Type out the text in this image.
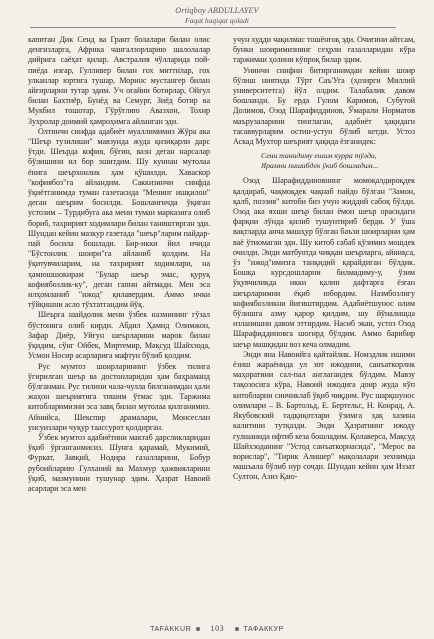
Ortiqboy ABDULLAYEV
Faqat haqiqat qoladi

капитан Дик Сенд ва Грант болалари билан олис денгизларга, Африка чангалзорларию шалолалар дийрига саёҳат қилар. Австралия чўлларида пой-пиёда изғар, Гулливер билан гох митти̇лар, гох улканлар юртига тушар, Моринс мустангер билан айғирларни тутар эдим. Уч оғайни ботирлар, Ойгул билан Бахтиёр, Бунёд ва Семург, Зиёд ботир ва Мукбил тошотар, Гўрўғлию Авазхон, Тохир Зухролар доимий ҳамроҳимга айланган эди.

Олтинчи синфда адабиёт муаллимимиз Жўра ака "Шеър тузилиши" мавзуида жуда қизиқарли дарс ўтди. Шеърда кофия, бўғин, вазн деган нарсалар бўлишини ил бор эшитдим. Шу куннан мутолаа ёнига шеърхонлик ҳам қўшилди. Хаваскор "кофиябоз"га айландим. Саккизинчи синфда ўқиётганимда туман газетасида "Менинг ишқилон" деган шеърим босилди. Бошланғичда ўқиган устозим – Турдибуга ака мени туман марказига олиб бориб, тахририят ходимлари билан таништирган эди. Шундан кейин мазкур газетада "шеър"ларим пайдар-пай босила бошлади. Бир-икки йил ичида "Бўстонлик шоири"га айланиб қолдим. На ўқитувчиларим, на тахририят ходимлари, на ҳамюшшокирам "Булар шеър эмас, қуруқ кофиябозлик-ку", деган гапни айтмади. Мен эса илҳомланиб "ижод" қилавердим. Аммо ички тўйқишни асло тўхтатгандим йўқ.

Шеърга шайдолик мени ўзбек назмининг гўзал бўстонига олиб кирди. Абдил Ҳамид Олимжон, Зафар Диёр, Уйғун шеърларини марок билан ўқидим, сўнг Ойбек, Миртемир, Мақсуд Шайхзода, Усмон Носир асарларига мафтун бўлиб қолдим.

Рус мумтоз шоирларининг ўзбек тилига ўгирилган шеър ва достонларидан ҳам баҳраманд бўлганман. Рус тилини чала-чулла билганимдан ҳали жаҳон шеъриятига тишим ўтмас эди. Таржима китобларимизни эса завқ билан мутолаа қилганимиз. Айнийса, Шекспир драмалари, Монсеслан унсуизлари чуқур таассурот қолдирган.

Ўзбек мумтоз адабиётини мактаб дарсликларидан ўқиб ўрганганмисиз. Шунга қарамай, Мукимий, Фуркат, Завқий, Нодира газалларини, Бобур рубоийларию Гулханий ва Махмур ҳажвияларини ўқиб, мазмунини тушунар эдим. Ҳазрат Навоий асарлари эса мен

учун худди чақилмас тошёнғоқ эди. Очиғини айтсам, бунки шоиримизнинг сеҳрли ғазалларидан кўра таржимаи ҳолини кўпроқ билар эдим.

Унинчи синфни битирганимдан кейин шоир бўлиш ниятида Тўрт Саъ'Уга (ҳозирги Миллий университетга) йўл олдим. Талабалик давом бошланди. Бу ерда Гулом Каримов, Субутой Долимов, Озод Шарафиддинов, Ўмарали Норматов маърузаларини тинглаган, адабиёт ҳақидаги тасаввурларим остин-устун бўлиб кетди. Устоз Аскад Мухтор шеърият ҳақида ёзганидек:

Сени танидиму ешим курра тўлди,
Ярамни пишибдек ўкиб бошладим...

Озод Шарафиддиновнинг момоқалдироқдек қалдираб, чақмоқдек чақнаб пайдо бўлган "Замон, қалб, поэзия" китоби биз учун жиддий сабоқ бўлди. Озод ака яхши шеър билан ёмон шеър орасидаги фарқни лўнда қилиб тушунтириб берди. У ўша вақтларда анча машҳур бўлган баъзи шоирларни ҳам ваё ўтиомаган эди. Шу китоб сабаб қўзимиз мошдек очилди. Энди матбуотда чиққан шеърларга, айниқса, ўз "ижод"имизга танқидий қарайдиган бўлдик. Бошқа курсдошларни билмадиму-у, ўзим ўқувчиликда икки қалин дафтарга ёзган шеърларимни ёқиб юбордим. Назмбозлигу кофиябозликни йиғиштирдим. Адабиётшунос олим бўлишга азму қарор қилдим, шу йўналишда изланишни давом эттирдим. Насиб экан, устоз Озод Шарафиддиновга шогирд бўлдим. Аммо барибир шеър машқидан воз кеча олмадим.

Энди яна Навоийга қайтайлик. Номздлик ишими ёзиш жараёнида ул зот ижодини, санъаткорлик маҳоратини сал-пал англагандек бўлдим. Мавзу тақозосига кўра, Навоий ижодига доир жуда кўп китобларни синчиклаб ўқиб чиқдим. Рус шарқшунос олимлари – В. Бартольд, Е. Бертельс, Н. Конрад, А. Якубовский тадқиқотлари ўзимга ҳақ хазина калитини тутқазди. Энди Ҳазратнинг ижоду гулшанида ифтиб кеза бошладим. Қолаверса, Мақсуд Шайхзоданинг "Устод санъаткорнасида", "Мерос ва ворислар", "Тирик Алишер" мақолалари зехнимда машъала бўлиб нур сочди. Шундан кейин ҳам Иззат Султон, Азиз Қаю-

TAFAKKUR 103	ТАФАККУР
